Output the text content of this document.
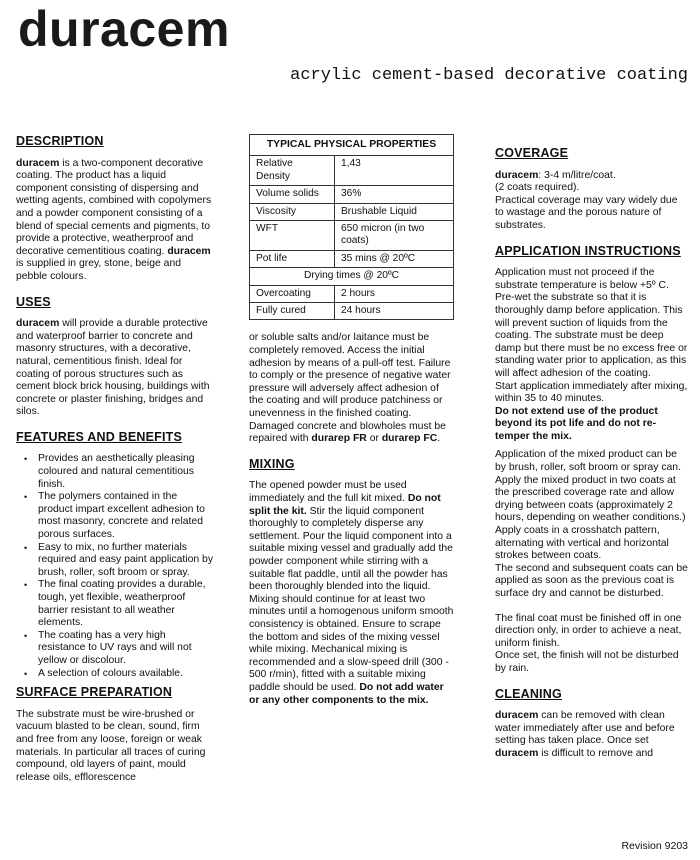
duracem
acrylic cement-based decorative coating
DESCRIPTION

duracem is a two-component decorative coating. The product has a liquid component consisting of dispersing and wetting agents, combined with copolymers and a powder component consisting of a blend of special cements and pigments, to provide a protective, weatherproof and decorative cementitious coating. duracem is supplied in grey, stone, beige and pebble colours.

USES

duracem will provide a durable protective and waterproof barrier to concrete and masonry structures, with a decorative, natural, cementitious finish. Ideal for coating of porous structures such as cement block brick housing, buildings with concrete or plaster finishing, bridges and silos.

FEATURES AND BENEFITS
• Provides an aesthetically pleasing coloured and natural cementitious finish.
• The polymers contained in the product impart excellent adhesion to most masonry, concrete and related porous surfaces.
• Easy to mix, no further materials required and easy paint application by brush, roller, soft broom or spray.
• The final coating provides a durable, tough, yet flexible, weatherproof barrier resistant to all weather elements.
• The coating has a very high resistance to UV rays and will not yellow or discolour.
• A selection of colours available.
SURFACE PREPARATION

The substrate must be wire-brushed or vacuum blasted to be clean, sound, firm and free from any loose, foreign or weak materials. In particular all traces of curing compound, old layers of paint, mould release oils, efflorescence

TYPICAL PHYSICAL PROPERTIES	
Relative Density	1,43
Volume solids	36%
Viscosity	Brushable Liquid
WFT	650 micron (in two coats)
Pot life	35 mins @ 20ºC
Drying times @ 20ºC	
Overcoating	2 hours
Fully cured	24 hours

or soluble salts and/or laitance must be completely removed. Access the initial adhesion by means of a pull-off test. Failure to comply or the presence of negative water pressure will adversely affect adhesion of the coating and will produce patchiness or unevenness in the finished coating. Damaged concrete and blowholes must be repaired with durarep FR or durarep FC.

MIXING

The opened powder must be used immediately and the full kit mixed. Do not split the kit. Stir the liquid component thoroughly to completely disperse any settlement. Pour the liquid component into a suitable mixing vessel and gradually add the powder component while stirring with a suitable flat paddle, until all the powder has been thoroughly blended into the liquid. Mixing should continue for at least two minutes until a homogenous uniform smooth consistency is obtained. Ensure to scrape the bottom and sides of the mixing vessel while mixing. Mechanical mixing is recommended and a slow-speed drill (300 - 500 r/min), fitted with a suitable mixing paddle should be used. Do not add water or any other components to the mix.

COVERAGE

duracem: 3-4 m/litre/coat.

(2 coats required).

Practical coverage may vary widely due to wastage and the porous nature of substrates.

APPLICATION INSTRUCTIONS

Application must not proceed if the substrate temperature is below +5º C. Pre-wet the substrate so that it is thoroughly damp before application. This will prevent suction of liquids from the coating. The substrate must be deep damp but there must be no excess free or standing water prior to application, as this will affect adhesion of the coating.

Start application immediately after mixing, within 35 to 40 minutes.

Do not extend use of the product beyond its pot life and do not re-temper the mix.

Application of the mixed product can be by brush, roller, soft broom or spray can.

Apply the mixed product in two coats at the prescribed coverage rate and allow drying between coats (approximately 2 hours, depending on weather conditions.)

Apply coats in a crosshatch pattern, alternating with vertical and horizontal strokes between coats.

The second and subsequent coats can be applied as soon as the previous coat is surface dry and cannot be disturbed.

The final coat must be finished off in one direction only, in order to achieve a neat, uniform finish.

Once set, the finish will not be disturbed by rain.

CLEANING

duracem can be removed with clean water immediately after use and before setting has taken place. Once set duracem is difficult to remove and

Revision 9203
